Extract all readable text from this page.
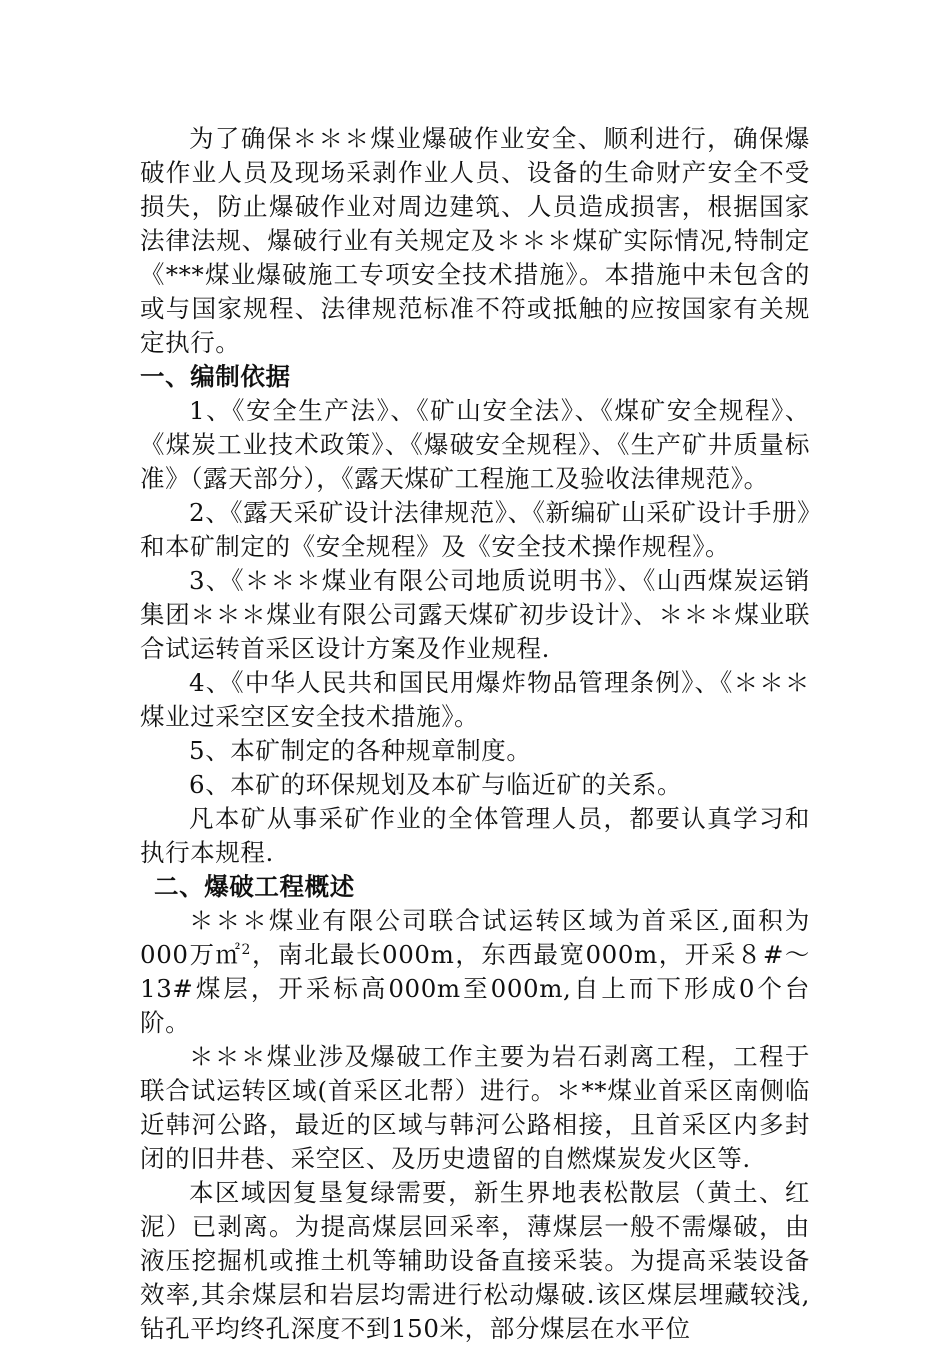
为了确保＊＊＊煤业爆破作业安全、顺利进行，确保爆破作业人员及现场采剥作业人员、设备的生命财产安全不受损失，防止爆破作业对周边建筑、人员造成损害，根据国家法律法规、爆破行业有关规定及＊＊＊煤矿实际情况,特制定《***煤业爆破施工专项安全技术措施》。本措施中未包含的或与国家规程、法律规范标准不符或抵触的应按国家有关规定执行。

一、编制依据

1、《安全生产法》、《矿山安全法》、《煤矿安全规程》、《煤炭工业技术政策》、《爆破安全规程》、《生产矿井质量标准》（露天部分），《露天煤矿工程施工及验收法律规范》。

2、《露天采矿设计法律规范》、《新编矿山采矿设计手册》和本矿制定的《安全规程》及《安全技术操作规程》。

3、《＊＊＊煤业有限公司地质说明书》、《山西煤炭运销集团＊＊＊煤业有限公司露天煤矿初步设计》、＊＊＊煤业联合试运转首采区设计方案及作业规程.

4、《中华人民共和国民用爆炸物品管理条例》、《＊＊＊煤业过采空区安全技术措施》。

5、本矿制定的各种规章制度。

6、本矿的环保规划及本矿与临近矿的关系。

凡本矿从事采矿作业的全体管理人员，都要认真学习和执行本规程.

二、爆破工程概述

＊＊＊煤业有限公司联合试运转区域为首采区,面积为000万㎡$^2$，南北最长000m，东西最宽000m，开采８#～13#煤层，开采标高000m至000m,自上而下形成0个台阶。

＊＊＊煤业涉及爆破工作主要为岩石剥离工程，工程于联合试运转区域(首采区北帮）进行。＊**煤业首采区南侧临近韩河公路，最近的区域与韩河公路相接，且首采区内多封闭的旧井巷、采空区、及历史遗留的自燃煤炭发火区等.

本区域因复垦复绿需要，新生界地表松散层（黄土、红泥）已剥离。为提高煤层回采率，薄煤层一般不需爆破，由液压挖掘机或推土机等辅助设备直接采装。为提高采装设备效率,其余煤层和岩层均需进行松动爆破.该区煤层埋藏较浅,钻孔平均终孔深度不到150米，部分煤层在水平位
